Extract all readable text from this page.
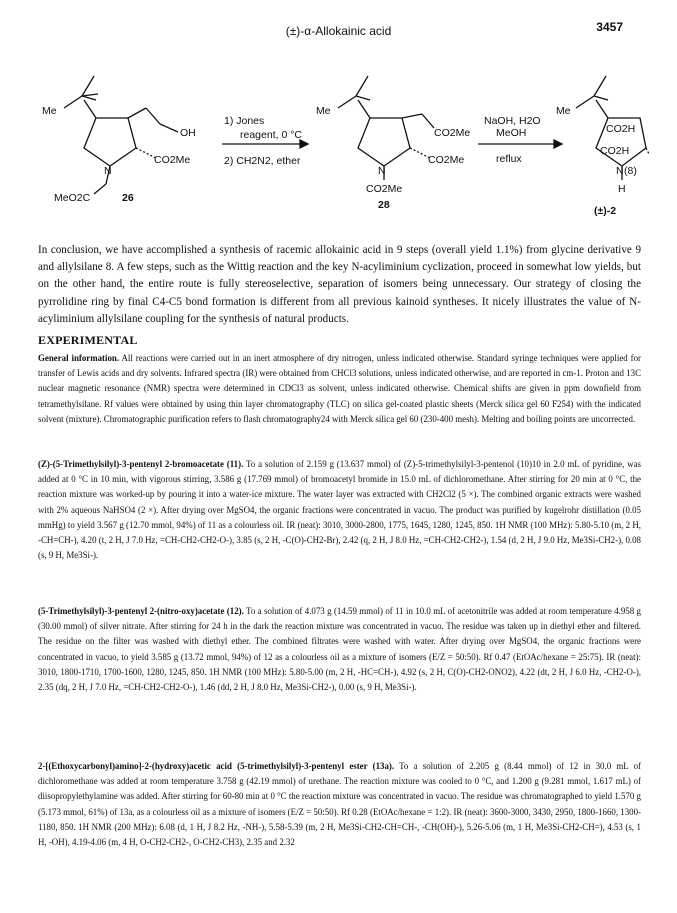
3457
(±)-α-Allokainic acid
Me
OH
N
CO2Me
MeO2C	26
1) Jones
reagent, 0 °C
2) CH2N2, ether
Me
CO2Me
N
CO2Me
CO2Me
28
NaOH, H2O
MeOH
reflux
Me
CO2H
N
CO2H
H
(±)-2
(8)
In conclusion, we have accomplished a synthesis of racemic allokainic acid in 9 steps (overall yield 1.1%) from glycine derivative 9 and allylsilane 8. A few steps, such as the Wittig reaction and the key N-acyliminium cyclization, proceed in somewhat low yields, but on the other hand, the entire route is fully stereoselective, separation of isomers being unnecessary. Our strategy of closing the pyrrolidine ring by final C4-C5 bond formation is different from all previous kainoid syntheses. It nicely illustrates the value of N-acyliminium allylsilane coupling for the synthesis of natural products.
EXPERIMENTAL
General information. All reactions were carried out in an inert atmosphere of dry nitrogen, unless indicated otherwise. Standard syringe techniques were applied for transfer of Lewis acids and dry solvents. Infrared spectra (IR) were obtained from CHCl3 solutions, unless indicated otherwise, and are reported in cm-1. Proton and 13C nuclear magnetic resonance (NMR) spectra were determined in CDCl3 as solvent, unless indicated otherwise. Chemical shifts are given in ppm downfield from tetramethylsilane. Rf values were obtained by using thin layer chromatography (TLC) on silica gel-coated plastic sheets (Merck silica gel 60 F254) with the indicated solvent (mixture). Chromatographic purification refers to flash chromatography24 with Merck silica gel 60 (230-400 mesh). Melting and boiling points are uncorrected.
(Z)-(5-Trimethylsilyl)-3-pentenyl 2-bromoacetate (11). To a solution of 2.159 g (13.637 mmol) of (Z)-5-trimethylsilyl-3-pentenol (10)10 in 2.0 mL of pyridine, was added at 0 °C in 10 min, with vigorous stirring, 3.586 g (17.769 mmol) of bromoacetyl bromide in 15.0 mL of dichloromethane. After stirring for 20 min at 0 °C, the reaction mixture was worked-up by pouring it into a water-ice mixture. The water layer was extracted with CH2Cl2 (5 ×). The combined organic extracts were washed with 2% aqueous NaHSO4 (2 ×). After drying over MgSO4, the organic fractions were concentrated in vacuo. The product was purified by kugelrohr distillation (0.05 mmHg) to yield 3.567 g (12.70 mmol, 94%) of 11 as a colourless oil. IR (neat): 3010, 3000-2800, 1775, 1645, 1280, 1245, 850. 1H NMR (100 MHz): 5.80-5.10 (m, 2 H, -CH=CH-), 4.20 (t, 2 H, J 7.0 Hz, =CH-CH2-CH2-O-), 3.85 (s, 2 H, -C(O)-CH2-Br), 2.42 (q, 2 H, J 8.0 Hz, =CH-CH2-CH2-), 1.54 (d, 2 H, J 9.0 Hz, Me3Si-CH2-), 0.08 (s, 9 H, Me3Si-).
(5-Trimethylsilyl)-3-pentenyl 2-(nitro-oxy)acetate (12). To a solution of 4.073 g (14.59 mmol) of 11 in 10.0 mL of acetonitrile was added at room temperature 4.958 g (30.00 mmol) of silver nitrate. After stirring for 24 h in the dark the reaction mixture was concentrated in vacuo. The residue was taken up in diethyl ether and filtered. The residue on the filter was washed with diethyl ether. The combined filtrates were washed with water. After drying over MgSO4, the organic fractions were concentrated in vacuo, to yield 3.585 g (13.72 mmol, 94%) of 12 as a colourless oil as a mixture of isomers (E/Z = 50:50). Rf 0.47 (EtOAc/hexane = 25:75). IR (neat): 3010, 1800-1710, 1700-1600, 1280, 1245, 850. 1H NMR (100 MHz): 5.80-5.00 (m, 2 H, -HC=CH-), 4.92 (s, 2 H, C(O)-CH2-ONO2), 4.22 (dt, 2 H, J 6.0 Hz, -CH2-O-), 2.35 (dq, 2 H, J 7.0 Hz, =CH-CH2-CH2-O-), 1.46 (dd, 2 H, J 8.0 Hz, Me3Si-CH2-), 0.00 (s, 9 H, Me3Si-).
2-[(Ethoxycarbonyl)amino]-2-(hydroxy)acetic acid (5-trimethylsilyl)-3-pentenyl ester (13a). To a solution of 2.205 g (8.44 mmol) of 12 in 30.0 mL of dichloromethane was added at room temperature 3.758 g (42.19 mmol) of urethane. The reaction mixture was cooled to 0 °C, and 1.200 g (9.281 mmol, 1.617 mL) of diisopropylethylamine was added. After stirring for 60-80 min at 0 °C the reaction mixture was concentrated in vacuo. The residue was chromatographed to yield 1.570 g (5.173 mmol, 61%) of 13a, as a colourless oil as a mixture of isomers (E/Z = 50:50). Rf 0.28 (EtOAc/hexane = 1:2). IR (neat): 3600-3000, 3430, 2950, 1800-1660, 1300-1180, 850. 1H NMR (200 MHz): 6.08 (d, 1 H, J 8.2 Hz, -NH-), 5.58-5.39 (m, 2 H, Me3Si-CH2-CH=CH-, -CH(OH)-), 5.26-5.06 (m, 1 H, Me3Si-CH2-CH=), 4.53 (s, 1 H, -OH), 4.19-4.06 (m, 4 H, O-CH2-CH2-, O-CH2-CH3), 2.35 and 2.32
